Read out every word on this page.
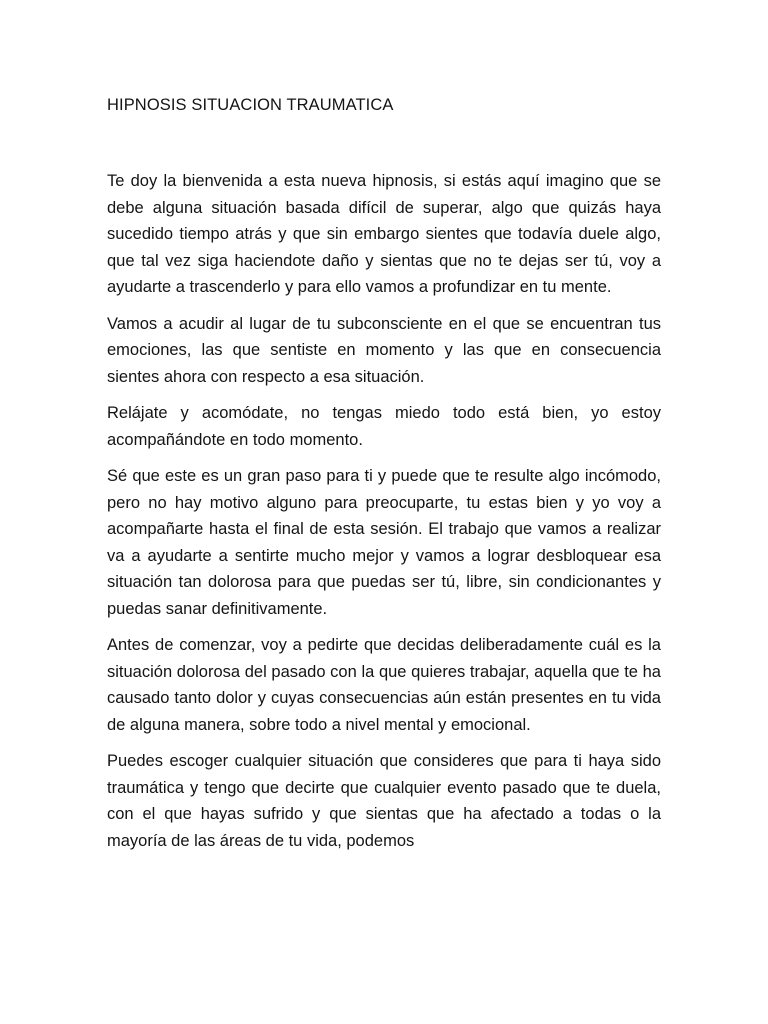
HIPNOSIS SITUACION TRAUMATICA

Te doy la bienvenida a esta nueva hipnosis, si estás aquí imagino que se debe alguna situación basada difícil de superar, algo que quizás haya sucedido tiempo atrás y que sin embargo sientes que todavía duele algo, que tal vez siga haciendote daño y sientas que no te dejas ser tú, voy a ayudarte a trascenderlo y para ello vamos a profundizar en tu mente.

Vamos a acudir al lugar de tu subconsciente en el que se encuentran tus emociones, las que sentiste en momento y las que en consecuencia sientes ahora con respecto a esa situación.

Relájate y acomódate, no tengas miedo todo está bien, yo estoy acompañándote en todo momento.

Sé que este es un gran paso para ti y puede que te resulte algo incómodo, pero no hay motivo alguno para preocuparte, tu estas bien y yo voy a acompañarte hasta el final de esta sesión. El trabajo que vamos a realizar va a ayudarte a sentirte mucho mejor y vamos a lograr desbloquear esa situación tan dolorosa para que puedas ser tú, libre, sin condicionantes y puedas sanar definitivamente.

Antes de comenzar, voy a pedirte que decidas deliberadamente cuál es la situación dolorosa del pasado con la que quieres trabajar, aquella que te ha causado tanto dolor y cuyas consecuencias aún están presentes en tu vida de alguna manera, sobre todo a nivel mental y emocional.

Puedes escoger cualquier situación que consideres que para ti haya sido traumática y tengo que decirte que cualquier evento pasado que te duela, con el que hayas sufrido y que sientas que ha afectado a todas o la mayoría de las áreas de tu vida, podemos
